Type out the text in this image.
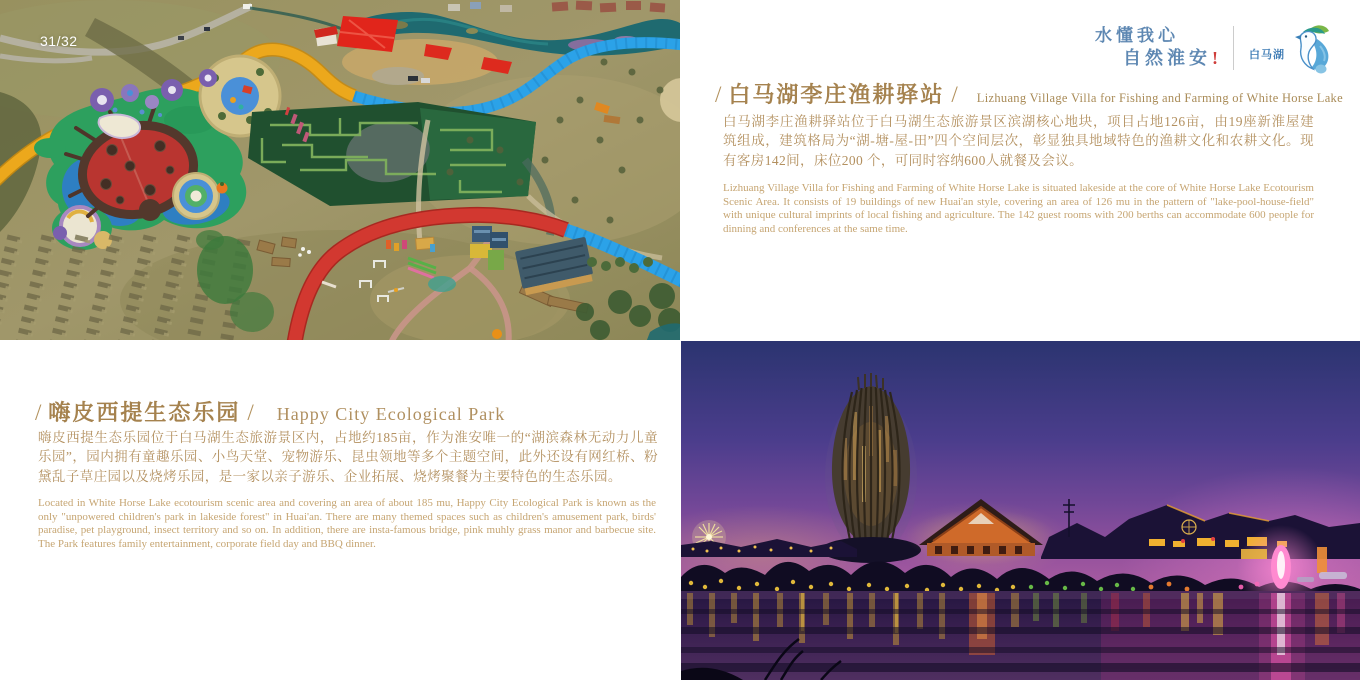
31/32	水懂我心
自然淮安!	白马湖
/ 白马湖李庄渔耕驿站 /	Lizhuang Village Villa for Fishing and Farming of White Horse Lake

白马湖李庄渔耕驿站位于白马湖生态旅游景区滨湖核心地块，项目占地126亩，由19座新淮屋建筑组成，建筑格局为“湖-塘-屋-田”四个空间层次，彰显独具地域特色的渔耕文化和农耕文化。现有客房142间，床位200 个，可同时容纳600人就餐及会议。

Lizhuang Village Villa for Fishing and Farming of White Horse Lake is situated lakeside at the core of White Horse Lake Ecotourism Scenic Area. It consists of 19 buildings of new Huai'an style, covering an area of 126 mu in the pattern of "lake-pool-house-field" with unique cultural imprints of local fishing and agriculture. The 142 guest rooms with 200 berths can accommodate 600 people for dinning and conferences at the same time.

/ 嗨皮西提生态乐园 /	Happy City Ecological Park

嗨皮西提生态乐园位于白马湖生态旅游景区内，占地约185亩，作为淮安唯一的“湖滨森林无动力儿童乐园”，园内拥有童趣乐园、小鸟天堂、宠物游乐、昆虫领地等多个主题空间，此外还设有网红桥、粉黛乱子草庄园以及烧烤乐园，是一家以亲子游乐、企业拓展、烧烤聚餐为主要特色的生态乐园。

Located in White Horse Lake ecotourism scenic area and covering an area of about 185 mu, Happy City Ecological Park is known as the only "unpowered children's park in lakeside forest" in Huai'an. There are many themed spaces such as children's amusement park, birds' paradise, pet playground, insect territory and so on. In addition, there are insta-famous bridge, pink muhly grass manor and barbecue site. The Park features family entertainment, corporate field day and BBQ dinner.
